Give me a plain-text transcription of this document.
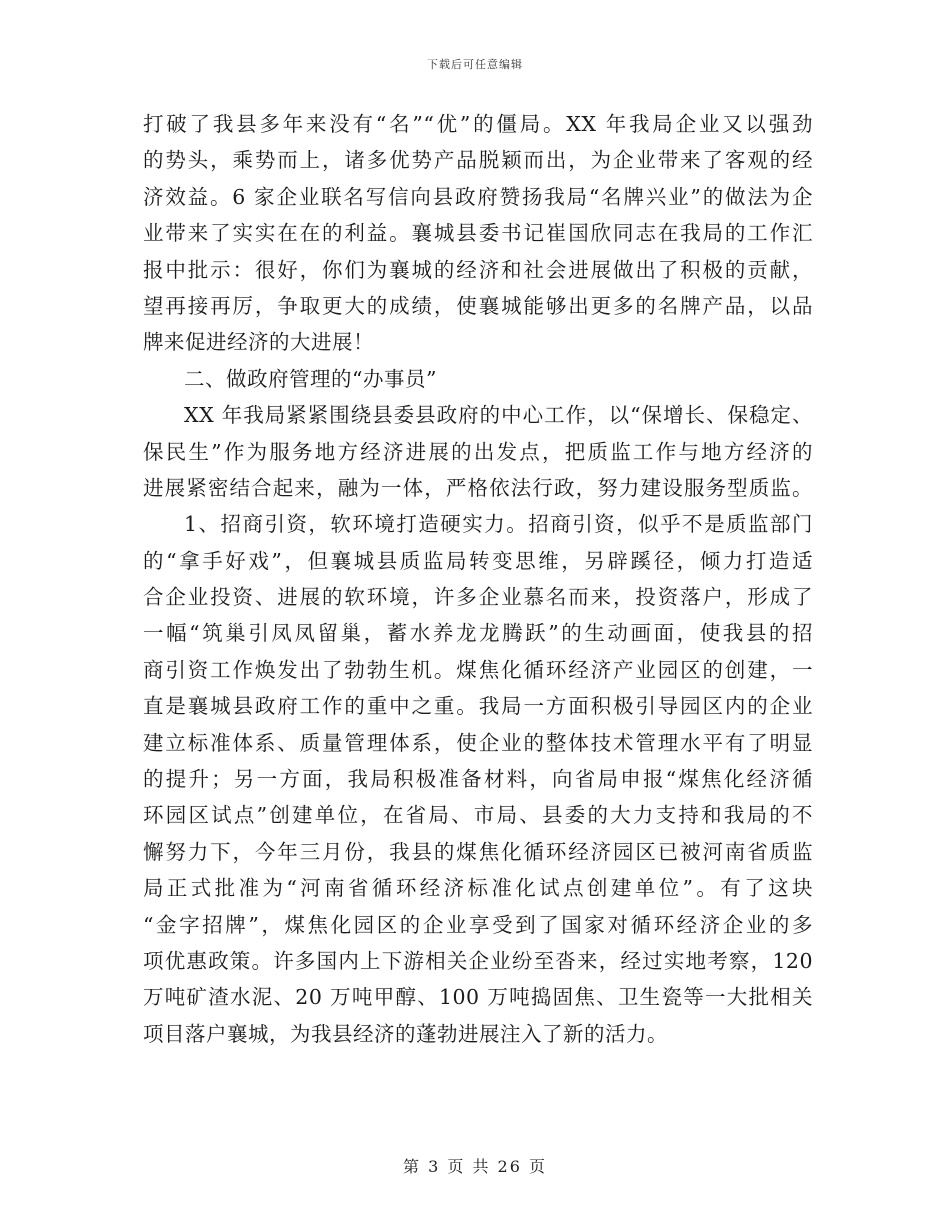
下载后可任意编辑
打破了我县多年来没有“名”“优”的僵局。XX 年我局企业又以强劲
的势头，乘势而上，诸多优势产品脱颖而出，为企业带来了客观的经
济效益。6 家企业联名写信向县政府赞扬我局“名牌兴业”的做法为企
业带来了实实在在的利益。襄城县委书记崔国欣同志在我局的工作汇
报中批示：很好，你们为襄城的经济和社会进展做出了积极的贡献，
望再接再厉，争取更大的成绩，使襄城能够出更多的名牌产品，以品
牌来促进经济的大进展！
二、做政府管理的“办事员”
XX 年我局紧紧围绕县委县政府的中心工作，以“保增长、保稳定、
保民生”作为服务地方经济进展的出发点，把质监工作与地方经济的
进展紧密结合起来，融为一体，严格依法行政，努力建设服务型质监。
1、招商引资，软环境打造硬实力。招商引资，似乎不是质监部门
的“拿手好戏”，但襄城县质监局转变思维，另辟蹊径，倾力打造适
合企业投资、进展的软环境，许多企业慕名而来，投资落户，形成了
一幅“筑巢引凤凤留巢，蓄水养龙龙腾跃”的生动画面，使我县的招
商引资工作焕发出了勃勃生机。煤焦化循环经济产业园区的创建，一
直是襄城县政府工作的重中之重。我局一方面积极引导园区内的企业
建立标准体系、质量管理体系，使企业的整体技术管理水平有了明显
的提升；另一方面，我局积极准备材料，向省局申报“煤焦化经济循
环园区试点”创建单位，在省局、市局、县委的大力支持和我局的不
懈努力下，今年三月份，我县的煤焦化循环经济园区已被河南省质监
局正式批准为“河南省循环经济标准化试点创建单位”。有了这块
“金字招牌”，煤焦化园区的企业享受到了国家对循环经济企业的多
项优惠政策。许多国内上下游相关企业纷至沓来，经过实地考察，120
万吨矿渣水泥、20 万吨甲醇、100 万吨捣固焦、卫生瓷等一大批相关
项目落户襄城，为我县经济的蓬勃进展注入了新的活力。
第 3 页 共 26 页
